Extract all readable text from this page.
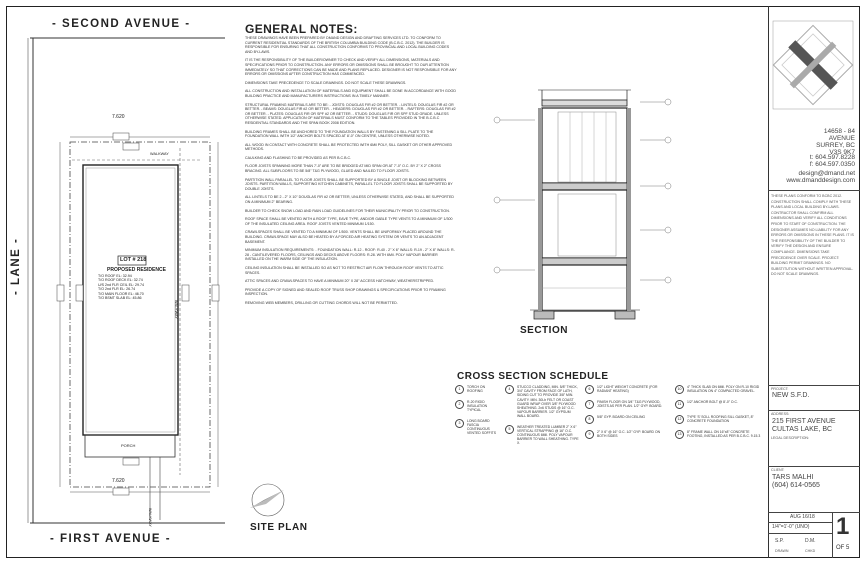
- SECOND AVENUE -
- FIRST AVENUE -
- LANE -
7.620
7.620
LOT # 218
PROPOSED RESIDENCE
T/O ROOF EL: 32.94
T/O ROOF DECK EL: 32.74
U/S 2nd FLR CEIL EL: 29.74
T/O 2nd FLR EL: 26.74
T/O MAIN FLOOR EL: 46.70
T/O BSMT SLAB EL: 45.86
WALKWAY
WALKWAY
WALKWAY
PORCH
SITE PLAN
GENERAL NOTES:
THESE DRAWINGS HAVE BEEN PREPARED BY DMAND DESIGN AND DRAFTING SERVICES LTD. TO CONFORM TO CURRENT RESIDENTIAL STANDARDS OF THE BRITISH COLUMBIA BUILDING CODE (B.C.B.C. 2012). THE BUILDER IS RESPONSIBLE FOR ENSURING THAT ALL CONSTRUCTION CONFORMS TO PROVINCIAL AND LOCAL BUILDING CODES AND BY-LAWS.
IT IS THE RESPONSIBILITY OF THE BUILDER/OWNER TO CHECK AND VERIFY ALL DIMENSIONS, MATERIALS AND SPECIFICATIONS PRIOR TO CONSTRUCTION. ANY ERRORS OR OMISSIONS SHALL BE BROUGHT TO OUR ATTENTION IMMEDIATELY SO THAT CORRECTIONS CAN BE MADE AND PLANS REPLACED. DESIGNER IS NOT RESPONSIBLE FOR ANY ERRORS OR OMISSIONS AFTER CONSTRUCTION HAS COMMENCED.
DIMENSIONS TAKE PRECEDENCE TO SCALE DRAWINGS. DO NOT SCALE THESE DRAWINGS.
ALL CONSTRUCTION AND INSTALLATION OF MATERIALS AND EQUIPMENT SHALL BE DONE IN ACCORDANCE WITH GOOD BUILDING PRACTICE AND MANUFACTURERS INSTRUCTIONS IN A TIMELY MANNER.
STRUCTURAL FRAMING MATERIALS ARE TO BE: - JOISTS: DOUGLAS FIR #2 OR BETTER. - LINTELS: DOUGLAS FIR #2 OR BETTER. - BEAMS: DOUGLAS FIR #2 OR BETTER. - HEADERS: DOUGLAS FIR #2 OR BETTER. - RAFTERS: DOUGLAS FIR #2 OR BETTER. - PLATES: DOUGLAS FIR OR SPF #2 OR BETTER. - STUDS: DOUGLAS FIR OR SPF STUD GRADE. UNLESS OTHERWISE STATED. APPLICATION OF MATERIALS MUST CONFORM TO THE TABLES PROVIDED IN THE B.C.B.C RESIDENTIAL STANDARDS AND THE SPAN BOOK 2008 EDITION.
BUILDING FRAMES SHALL BE ANCHORED TO THE FOUNDATION WALLS BY FASTENING A SILL PLATE TO THE FOUNDATION WALL WITH 1/2" ANCHOR BOLTS SPACED AT 8'-0" ON CENTRE, UNLESS OTHERWISE NOTED.
ALL WOOD IN CONTACT WITH CONCRETE SHALL BE PROTECTED WITH 6Mil POLY, SILL GASKET OR OTHER APPROVED METHODS.
CAULKING AND FLASHING TO BE PROVIDED AS PER B.C.B.C.
FLOOR JOISTS SPANNING MORE THAN 7'-0" ARE TO BE BRIDGED AT MID SPAN OR AT 7'-0" O.C. BY 2" X 2" CROSS BRACING. ALL SUBFLOORS TO BE 5/8" T&G PLYWOOD, GLUED AND NAILED TO FLOOR JOISTS.
PARTITION WALL PARALLEL TO FLOOR JOISTS SHALL BE SUPPORTED BY A SINGLE JOIST OR BLOCKING BETWEEN JOISTS. PARTITION WALLS, SUPPORTING KITCHEN CABINETS, PARALLEL TO FLOOR JOISTS SHALL BE SUPPORTED BY DOUBLE JOISTS.
ALL LINTELS TO BE 2 - 2" X 10" DOUGLAS FIR #2 OR BETTER, UNLESS OTHERWISE STATED, AND SHALL BE SUPPORTED ON A MINIMUM 2" BEARING.
BUILDER TO CHECK SNOW LOAD AND RAIN LOAD GUIDELINES FOR THEIR MUNICIPALITY PRIOR TO CONSTRUCTION.
ROOF SPACE SHALL BE VENTED WITH A ROOF TYPE, EAVE TYPE, AND/OR GABLE TYPE VENTS TO A MINIMUM OF 1/300 OF THE INSULATED CEILING AREA. ROOF JOISTS VENTED MINIMUM 1/150.
CRAWLSPACES SHALL BE VENTED TO A MINIMUM OF 1/500. VENTS SHALL BE UNIFORMLY PLACED AROUND THE BUILDING. CRAWLSPACE MAY ALSO BE HEATED BY A FORCED AIR HEATING SYSTEM OR VENTS TO AN ADJACENT BASEMENT.
MINIMUM INSULATION REQUIREMENTS: - FOUNDATION WALL: R-12 - ROOF: R-40 - 2" X 6" WALLS: R-19 - 2" X 8" WALLS: R-28 - CANTILEVERED FLOORS, CEILINGS AND DECKS ABOVE FLOORS: R-28. WITH 6Mil. POLY VAPOUR BARRIER INSTALLED ON THE WARM SIDE OF THE INSULATION.
CEILING INSULATION SHALL BE INSTALLED SO AS NOT TO RESTRICT AIR FLOW THROUGH ROOF VENTS TO ATTIC SPACES.
ATTIC SPACES AND CRAWLSPACES TO HAVE A MINIMUM 20" X 28" ACCESS HATCHWAY, WEATHERSTRIPPED.
PROVIDE A COPY OF SIGNED AND SEALED ROOF TRUSS SHOP DRAWINGS & SPECIFICATIONS PRIOR TO FRAMING INSPECTION.
REMOVING WEB MEMBERS, DRILLING OR CUTTING CHORDS WILL NOT BE PERMITTED.
SECTION
CROSS SECTION SCHEDULE
1	TORCH ON ROOFING
2	R-20 RIGID INSULATION TYPICAL
3	LONG BOARD FASCIA CONTINUOUS VENTED SOFFITS
4	STUCCO CLADDING, MIN. 5/8" THICK, 3/4" CAVITY FROM FACE OF LATH, SIDING CUT TO PROVIDE 3/8" MIN. CAVITY. MIN. 30Lb FELT OR COAST GUARD WRAP OVER 3/8" PLYWOOD SHEATHING. 2x6 STUDS @ 16" O.C. VAPOUR BARRIER. 1/2" GYPSUM WALL BOARD.
5	WEATHER TREATED LUMBER 2" X 6" VERTICAL STRAPPING @ 16" O.C. CONTINUOUS 6Mil. POLY VAPOUR BARRIER TO WALL SHEATHING. TYPE X.
6	1/2" LIGHT WEIGHT CONCRETE (FOR RADIANT HEATING)
7	FINISH FLOOR ON 3/4" T&G PLYWOOD, JOISTS AS PER PLAN. 1/2" GYP. BOARD.
8	5/8" GYP. BOARD ON CEILING
9	2" X 6" @ 16" O.C. 1/2" GYP. BOARD ON BOTH SIDES
10	4" THICK SLAB ON 6Mil. POLY ON R-10 RIGID INSULATION ON 4" COMPACTED GRAVEL.
11	1/2" ANCHOR BOLT @ 8'-0" O.C.
12	TYPE 'S' SOLL ROOFING SILL GASKET, 8" CONCRETE FOUNDATION
13	8" FRAME WALL ON 16"x8" CONCRETE FOOTING, INSTALLED AS PER B.C.B.C. 9.15.3
14658 - 84 AVENUE
SURREY, BC
V3S 9K7
t: 604.597.8228
f: 604.597.0350
design@dmand.net
www.dmanddesign.com
THESE PLANS CONFORM TO BCBC 2012. CONSTRUCTION SHALL COMPLY WITH THESE PLANS AND LOCAL BUILDING BY-LAWS. CONTRACTOR SHALL CONFIRM ALL DIMENSIONS AND VERIFY ALL CONDITIONS PRIOR TO START OF CONSTRUCTION. THE DESIGNER ASSUMES NO LIABILITY FOR ANY ERRORS OR OMISSIONS IN THESE PLANS. IT IS THE RESPONSIBILITY OF THE BUILDER TO VERIFY THE DESIGN AND ENSURE COMPLIANCE. DIMENSIONS TAKE PRECEDENCE OVER SCALE. PROJECT: BUILDING PERMIT DRAWINGS. NO SUBSTITUTION WITHOUT WRITTEN APPROVAL. DO NOT SCALE DRAWINGS.
PROJECT:
NEW S.F.D.
ADDRESS:
215 FIRST AVENUE
CULTAS LAKE, BC
LEGAL DESCRIPTION:
CLIENT:
TARS MALHI
(604) 614-0565
AUG 16/18
1/4"=1'-0" (UNO)
S.P.	D.M.
DRAWN	CHKD
1
OF 5
